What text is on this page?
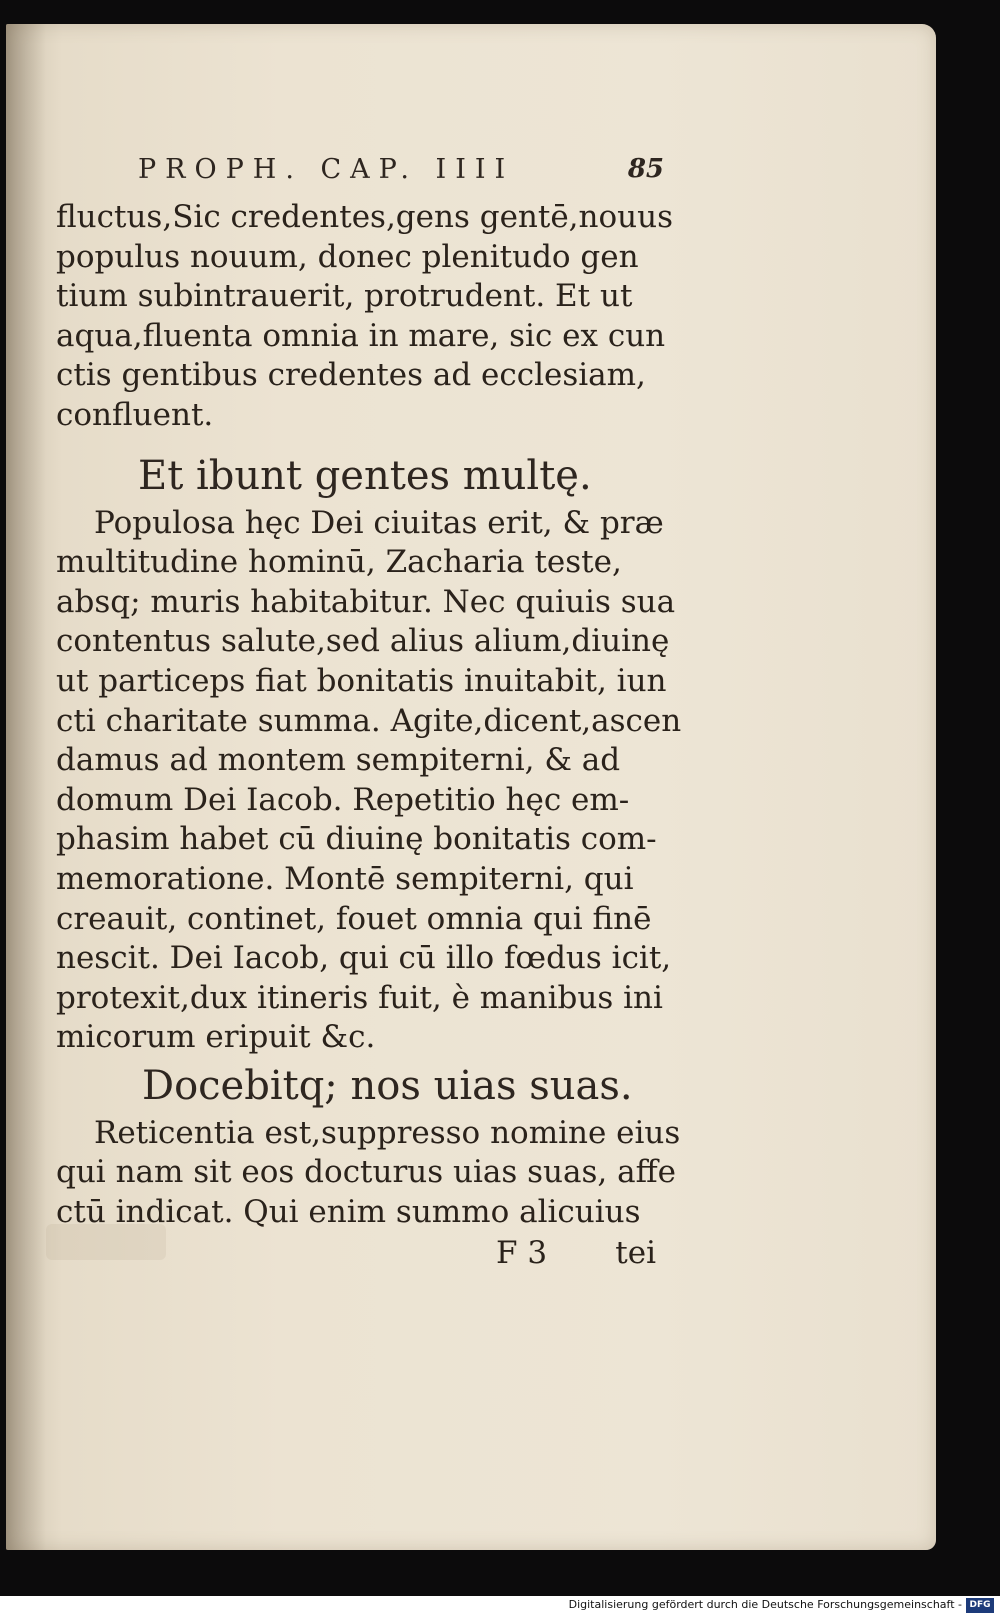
PROPH. CAP. IIII	85
fluctus,Sic credentes,gens gentē,nouus
populus nouum, donec plenitudo gen
tium subintrauerit, protrudent. Et ut
aqua,fluenta omnia in mare, sic ex cun
ctis gentibus credentes ad ecclesiam,
confluent.
Et ibunt gentes multę.
Populosa hęc Dei ciuitas erit, & præ
multitudine hominū, Zacharia teste,
absq; muris habitabitur. Nec quiuis sua
contentus salute,sed alius alium,diuinę
ut particeps fiat bonitatis inuitabit, iun
cti charitate summa. Agite,dicent,ascen
damus ad montem sempiterni, & ad
domum Dei Iacob. Repetitio hęc em-
phasim habet cū diuinę bonitatis com-
memoratione. Montē sempiterni, qui
creauit, continet, fouet omnia qui finē
nescit. Dei Iacob, qui cū illo fœdus icit,
protexit,dux itineris fuit, è manibus ini
micorum eripuit &c.
Docebitq; nos uias suas.
Reticentia est,suppresso nomine eius
qui nam sit eos docturus uias suas, affe
ctū indicat. Qui enim summo alicuius
F 3 tei
Digitalisierung gefördert durch die Deutsche Forschungsgemeinschaft - DFG
